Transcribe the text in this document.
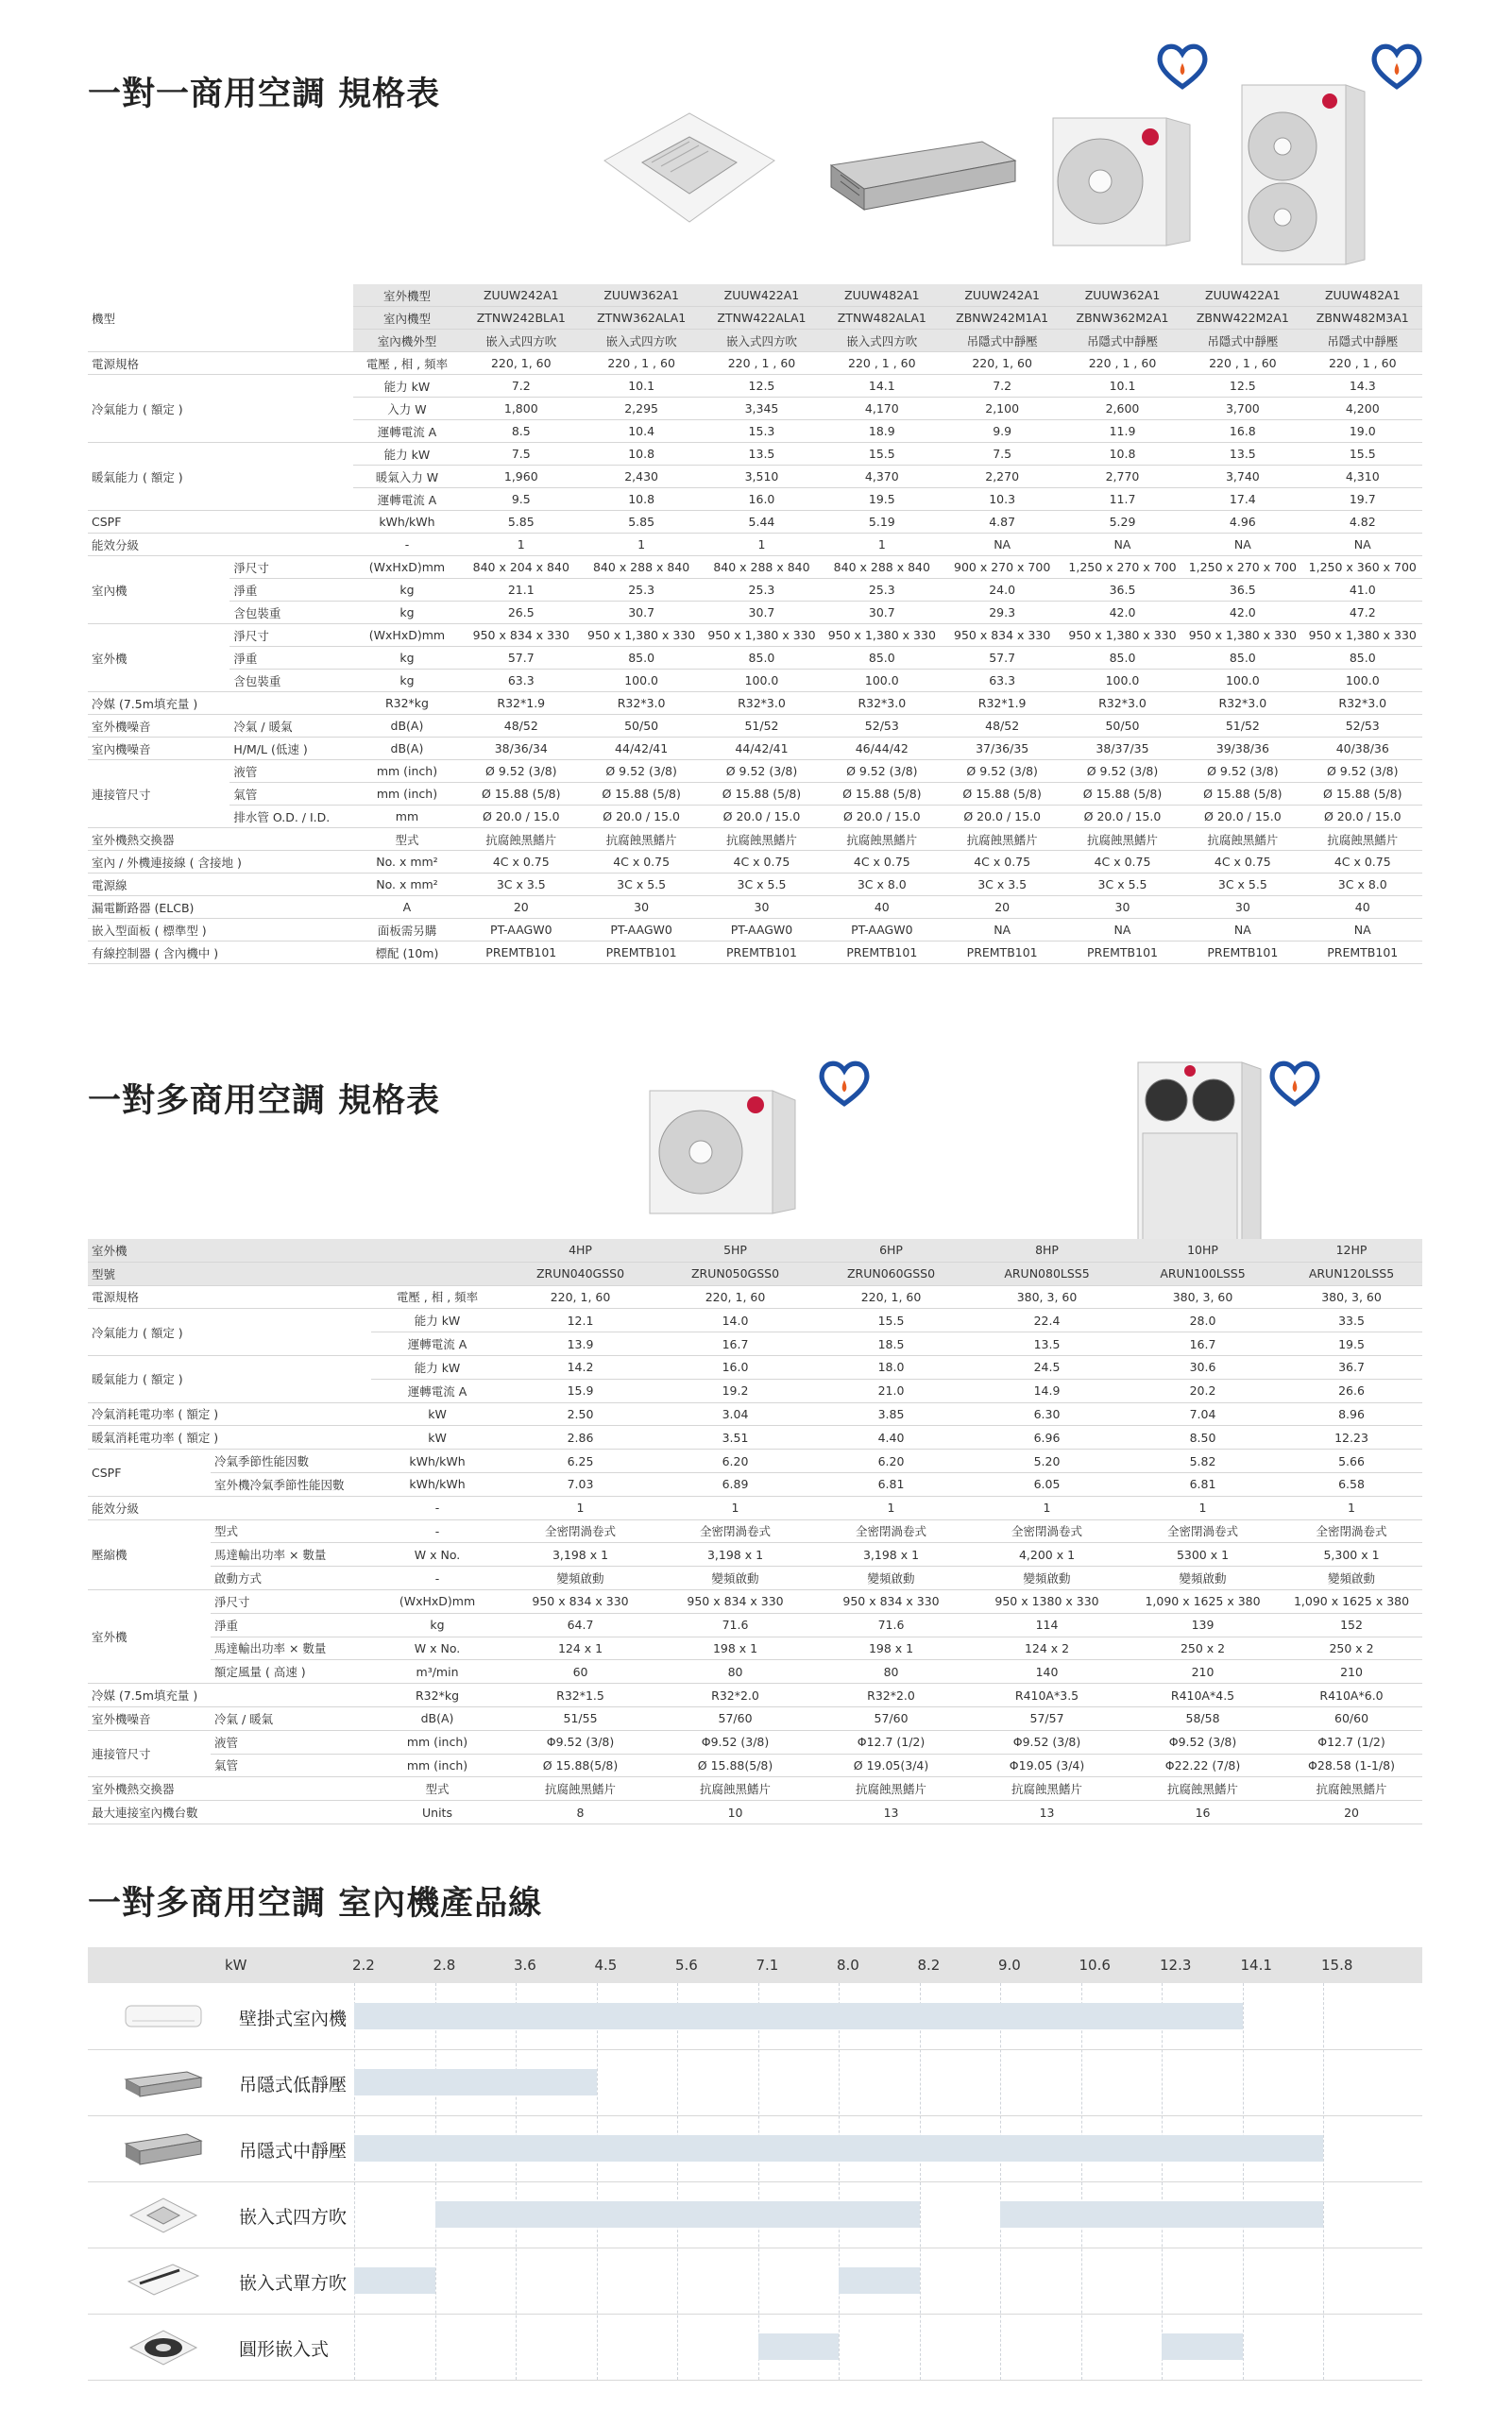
一對一商用空調 規格表
機型		室外機型	ZUUW242A1	ZUUW362A1	ZUUW422A1	ZUUW482A1	ZUUW242A1	ZUUW362A1	ZUUW422A1	ZUUW482A1
		室內機型	ZTNW242BLA1	ZTNW362ALA1	ZTNW422ALA1	ZTNW482ALA1	ZBNW242M1A1	ZBNW362M2A1	ZBNW422M2A1	ZBNW482M3A1
		室內機外型	嵌入式四方吹	嵌入式四方吹	嵌入式四方吹	嵌入式四方吹	吊隱式中靜壓	吊隱式中靜壓	吊隱式中靜壓	吊隱式中靜壓
電源規格		電壓 , 相 , 頻率	220, 1, 60	220 , 1 , 60	220 , 1 , 60	220 , 1 , 60	220, 1, 60	220 , 1 , 60	220 , 1 , 60	220 , 1 , 60
冷氣能力 ( 額定 )		能力 kW	7.2	10.1	12.5	14.1	7.2	10.1	12.5	14.3
		入力 W	1,800	2,295	3,345	4,170	2,100	2,600	3,700	4,200
		運轉電流 A	8.5	10.4	15.3	18.9	9.9	11.9	16.8	19.0
暖氣能力 ( 額定 )		能力 kW	7.5	10.8	13.5	15.5	7.5	10.8	13.5	15.5
		暖氣入力 W	1,960	2,430	3,510	4,370	2,270	2,770	3,740	4,310
		運轉電流 A	9.5	10.8	16.0	19.5	10.3	11.7	17.4	19.7
CSPF		kWh/kWh	5.85	5.85	5.44	5.19	4.87	5.29	4.96	4.82
能效分級		-	1	1	1	1	NA	NA	NA	NA
室內機	淨尺寸	(WxHxD)mm	840 x 204 x 840	840 x 288 x 840	840 x 288 x 840	840 x 288 x 840	900 x 270 x 700	1,250 x 270 x 700	1,250 x 270 x 700	1,250 x 360 x 700
	淨重	kg	21.1	25.3	25.3	25.3	24.0	36.5	36.5	41.0
	含包裝重	kg	26.5	30.7	30.7	30.7	29.3	42.0	42.0	47.2
室外機	淨尺寸	(WxHxD)mm	950 x 834 x 330	950 x 1,380 x 330	950 x 1,380 x 330	950 x 1,380 x 330	950 x 834 x 330	950 x 1,380 x 330	950 x 1,380 x 330	950 x 1,380 x 330
	淨重	kg	57.7	85.0	85.0	85.0	57.7	85.0	85.0	85.0
	含包裝重	kg	63.3	100.0	100.0	100.0	63.3	100.0	100.0	100.0
冷媒 (7.5m填充量 )		R32*kg	R32*1.9	R32*3.0	R32*3.0	R32*3.0	R32*1.9	R32*3.0	R32*3.0	R32*3.0
室外機噪音	冷氣 / 暖氣	dB(A)	48/52	50/50	51/52	52/53	48/52	50/50	51/52	52/53
室內機噪音	H/M/L (低速 )	dB(A)	38/36/34	44/42/41	44/42/41	46/44/42	37/36/35	38/37/35	39/38/36	40/38/36
連接管尺寸	液管	mm (inch)	Ø 9.52 (3/8)	Ø 9.52 (3/8)	Ø 9.52 (3/8)	Ø 9.52 (3/8)	Ø 9.52 (3/8)	Ø 9.52 (3/8)	Ø 9.52 (3/8)	Ø 9.52 (3/8)
	氣管	mm (inch)	Ø 15.88 (5/8)	Ø 15.88 (5/8)	Ø 15.88 (5/8)	Ø 15.88 (5/8)	Ø 15.88 (5/8)	Ø 15.88 (5/8)	Ø 15.88 (5/8)	Ø 15.88 (5/8)
	排水管 O.D. / I.D.	mm	Ø 20.0 / 15.0	Ø 20.0 / 15.0	Ø 20.0 / 15.0	Ø 20.0 / 15.0	Ø 20.0 / 15.0	Ø 20.0 / 15.0	Ø 20.0 / 15.0	Ø 20.0 / 15.0
室外機熱交換器		型式	抗腐蝕黑鰭片	抗腐蝕黑鰭片	抗腐蝕黑鰭片	抗腐蝕黑鰭片	抗腐蝕黑鰭片	抗腐蝕黑鰭片	抗腐蝕黑鰭片	抗腐蝕黑鰭片
室內 / 外機連接線 ( 含接地 )		No. x mm²	4C x 0.75	4C x 0.75	4C x 0.75	4C x 0.75	4C x 0.75	4C x 0.75	4C x 0.75	4C x 0.75
電源線		No. x mm²	3C x 3.5	3C x 5.5	3C x 5.5	3C x 8.0	3C x 3.5	3C x 5.5	3C x 5.5	3C x 8.0
漏電斷路器 (ELCB)		A	20	30	30	40	20	30	30	40
嵌入型面板 ( 標準型 )		面板需另購	PT-AAGW0	PT-AAGW0	PT-AAGW0	PT-AAGW0	NA	NA	NA	NA
有線控制器 ( 含內機中 )		標配 (10m)	PREMTB101	PREMTB101	PREMTB101	PREMTB101	PREMTB101	PREMTB101	PREMTB101	PREMTB101
一對多商用空調 規格表
室外機			4HP	5HP	6HP	8HP	10HP	12HP
型號			ZRUN040GSS0	ZRUN050GSS0	ZRUN060GSS0	ARUN080LSS5	ARUN100LSS5	ARUN120LSS5
電源規格		電壓 , 相 , 頻率	220, 1, 60	220, 1, 60	220, 1, 60	380, 3, 60	380, 3, 60	380, 3, 60
冷氣能力 ( 額定 )		能力 kW	12.1	14.0	15.5	22.4	28.0	33.5
		運轉電流 A	13.9	16.7	18.5	13.5	16.7	19.5
暖氣能力 ( 額定 )		能力 kW	14.2	16.0	18.0	24.5	30.6	36.7
		運轉電流 A	15.9	19.2	21.0	14.9	20.2	26.6
冷氣消耗電功率 ( 額定 )		kW	2.50	3.04	3.85	6.30	7.04	8.96
暖氣消耗電功率 ( 額定 )		kW	2.86	3.51	4.40	6.96	8.50	12.23
CSPF	冷氣季節性能因數	kWh/kWh	6.25	6.20	6.20	5.20	5.82	5.66
	室外機冷氣季節性能因數	kWh/kWh	7.03	6.89	6.81	6.05	6.81	6.58
能效分級		-	1	1	1	1	1	1
壓縮機	型式	-	全密閉渦卷式	全密閉渦卷式	全密閉渦卷式	全密閉渦卷式	全密閉渦卷式	全密閉渦卷式
	馬達輸出功率 × 數量	W x No.	3,198 x 1	3,198 x 1	3,198 x 1	4,200 x 1	5300 x 1	5,300 x 1
	啟動方式	-	變頻啟動	變頻啟動	變頻啟動	變頻啟動	變頻啟動	變頻啟動
室外機	淨尺寸	(WxHxD)mm	950 x 834 x 330	950 x 834 x 330	950 x 834 x 330	950 x 1380 x 330	1,090 x 1625 x 380	1,090 x 1625 x 380
	淨重	kg	64.7	71.6	71.6	114	139	152
	馬達輸出功率 × 數量	W x No.	124 x 1	198 x 1	198 x 1	124 x 2	250 x 2	250 x 2
	額定風量 ( 高速 )	m³/min	60	80	80	140	210	210
冷媒 (7.5m填充量 )		R32*kg	R32*1.5	R32*2.0	R32*2.0	R410A*3.5	R410A*4.5	R410A*6.0
室外機噪音	冷氣 / 暖氣	dB(A)	51/55	57/60	57/60	57/57	58/58	60/60
連接管尺寸	液管	mm (inch)	Φ9.52 (3/8)	Φ9.52 (3/8)	Φ12.7 (1/2)	Φ9.52 (3/8)	Φ9.52 (3/8)	Φ12.7 (1/2)
	氣管	mm (inch)	Ø 15.88(5/8)	Ø 15.88(5/8)	Ø 19.05(3/4)	Φ19.05 (3/4)	Φ22.22 (7/8)	Φ28.58 (1-1/8)
室外機熱交換器		型式	抗腐蝕黑鰭片	抗腐蝕黑鰭片	抗腐蝕黑鰭片	抗腐蝕黑鰭片	抗腐蝕黑鰭片	抗腐蝕黑鰭片
最大連接室內機台數		Units	8	10	13	13	16	20
一對多商用空調 室內機產品線
kW	2.2	2.8	3.6	4.5	5.6	7.1	8.0	8.2	9.0	10.6	12.3	14.1	15.8
壁掛式室內機
吊隱式低靜壓
吊隱式中靜壓
嵌入式四方吹
嵌入式單方吹
圓形嵌入式
